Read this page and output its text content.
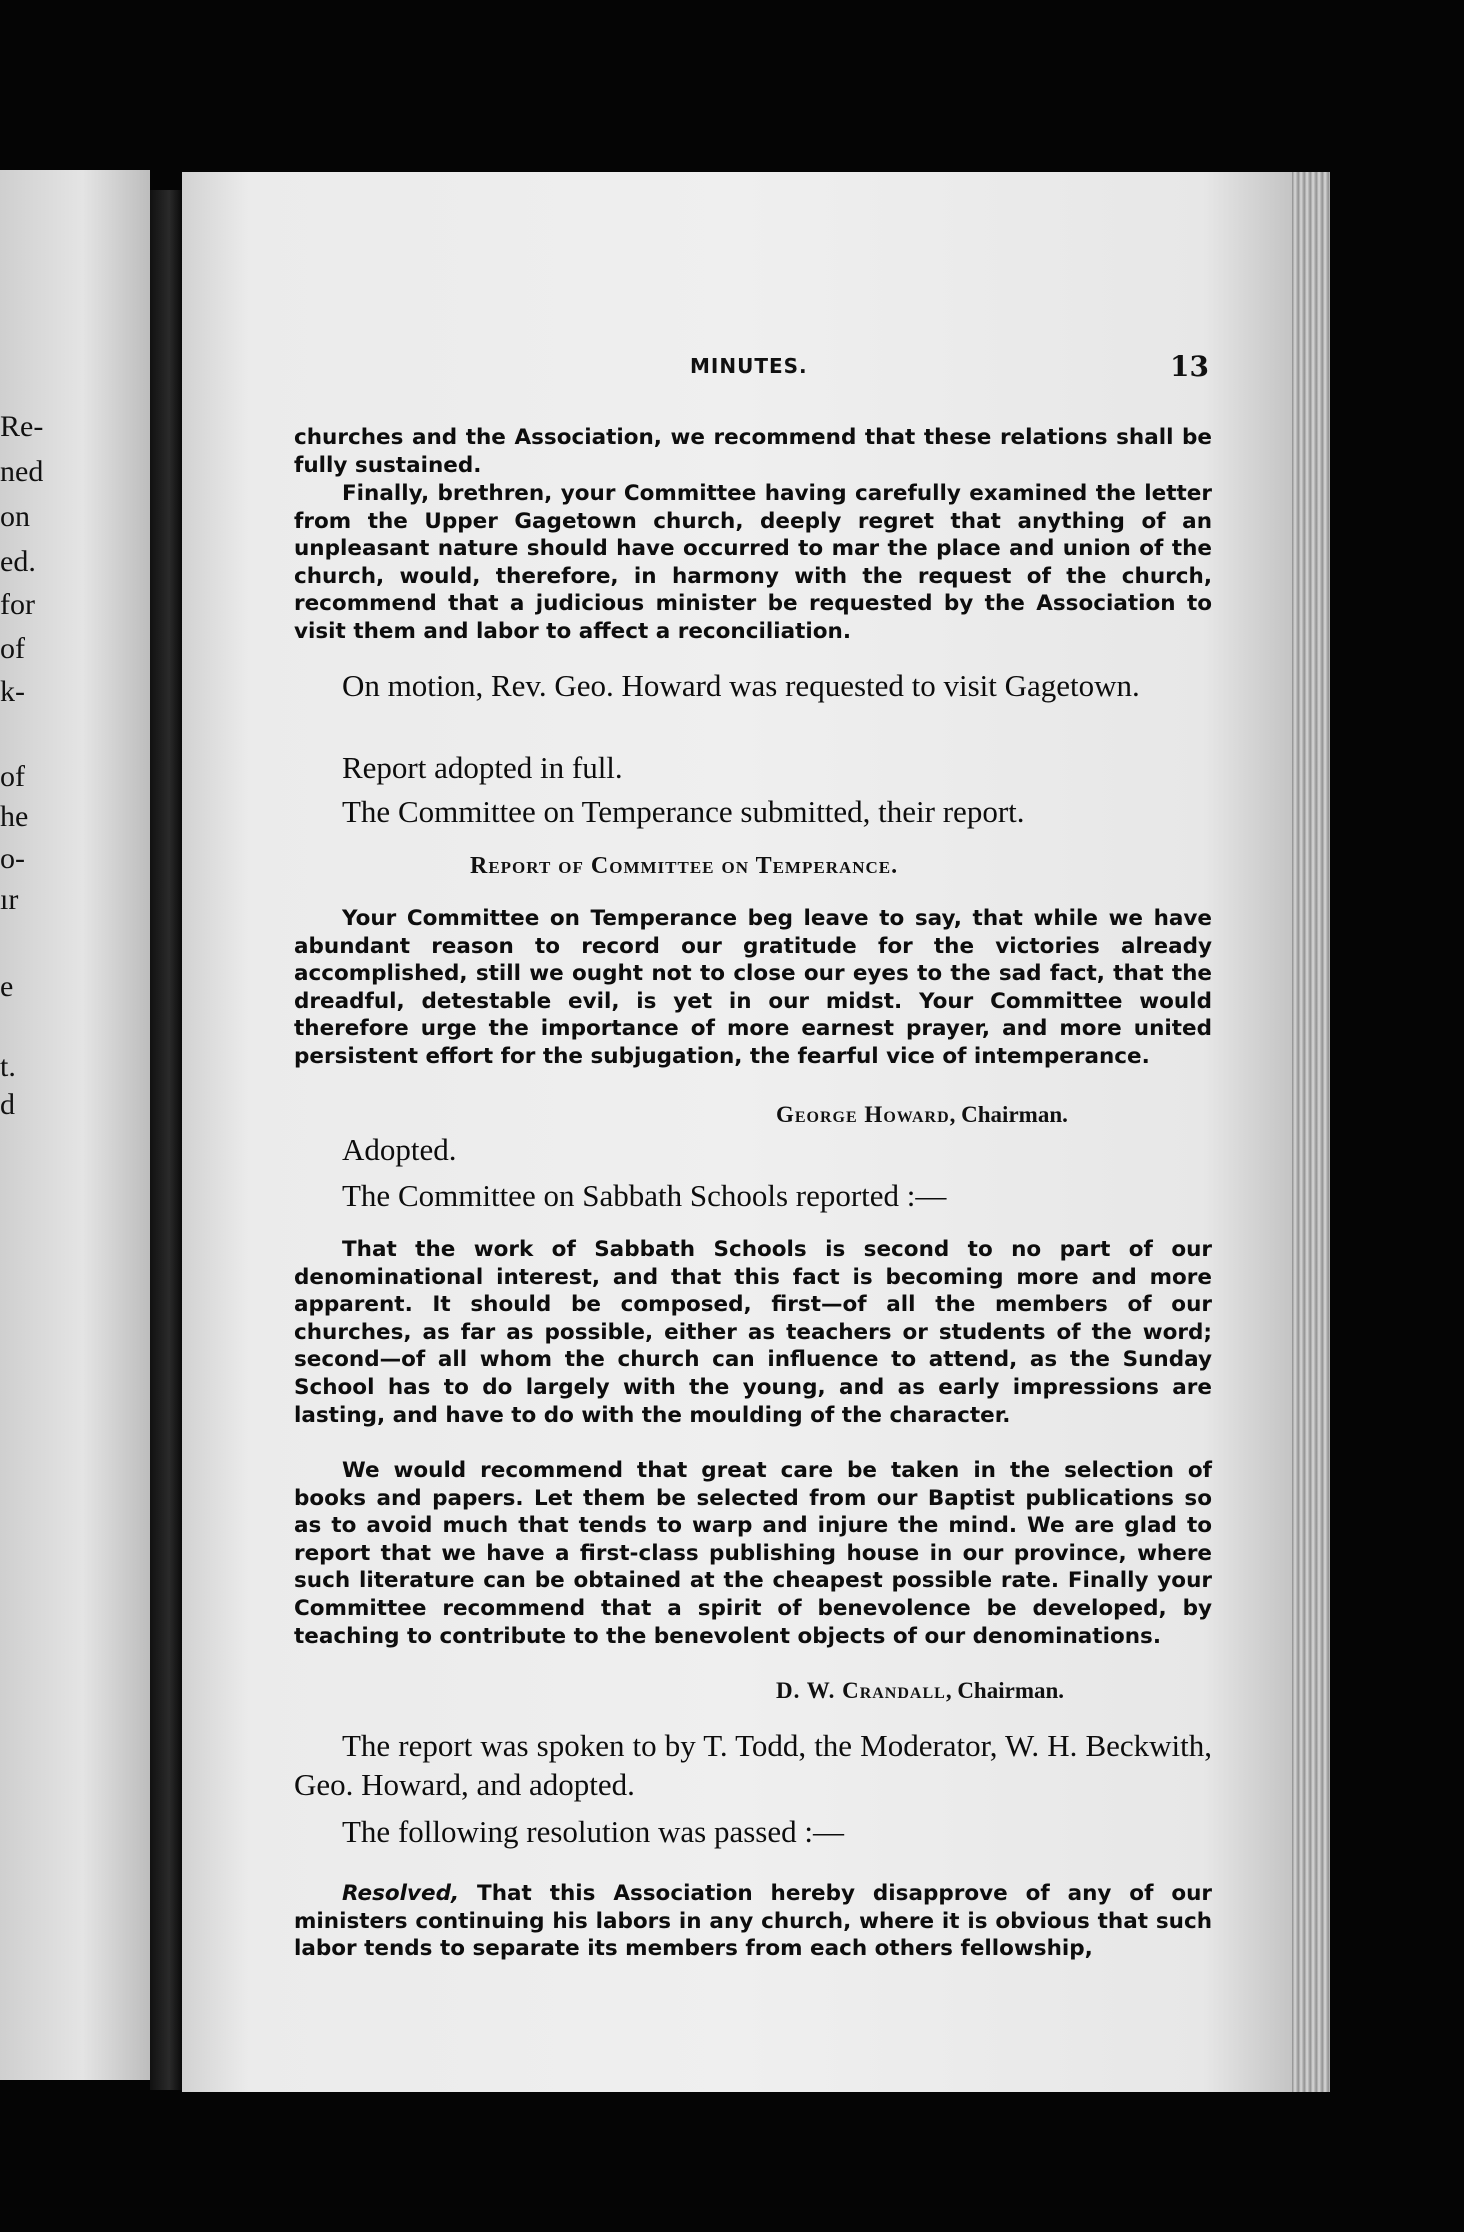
Re-
ned
on
ed.
for
of
k-
of
he
o-
ır
e
t.
d
MINUTES.	13
churches and the Association, we recommend that these relations shall be fully sustained.
Finally, brethren, your Committee having carefully examined the letter from the Upper Gagetown church, deeply regret that anything of an unpleasant nature should have occurred to mar the place and union of the church, would, therefore, in harmony with the request of the church, recommend that a judicious minister be requested by the Association to visit them and labor to affect a reconciliation.
On motion, Rev. Geo. Howard was requested to visit Gagetown.
Report adopted in full.
The Committee on Temperance submitted, their report.
Report of Committee on Temperance.
Your Committee on Temperance beg leave to say, that while we have abundant reason to record our gratitude for the victories already accomplished, still we ought not to close our eyes to the sad fact, that the dreadful, detestable evil, is yet in our midst. Your Committee would therefore urge the importance of more earnest prayer, and more united persistent effort for the subjugation, the fearful vice of intemperance.
George Howard, Chairman.
Adopted.
The Committee on Sabbath Schools reported :—
That the work of Sabbath Schools is second to no part of our denominational interest, and that this fact is becoming more and more apparent. It should be composed, first—of all the members of our churches, as far as possible, either as teachers or students of the word; second—of all whom the church can influence to attend, as the Sunday School has to do largely with the young, and as early impressions are lasting, and have to do with the moulding of the character.
We would recommend that great care be taken in the selection of books and papers. Let them be selected from our Baptist publications so as to avoid much that tends to warp and injure the mind. We are glad to report that we have a first-class publishing house in our province, where such literature can be obtained at the cheapest possible rate. Finally your Committee recommend that a spirit of benevolence be developed, by teaching to contribute to the benevolent objects of our denominations.
D. W. Crandall, Chairman.
The report was spoken to by T. Todd, the Moderator, W. H. Beckwith, Geo. Howard, and adopted.
The following resolution was passed :—
Resolved, That this Association hereby disapprove of any of our ministers continuing his labors in any church, where it is obvious that such labor tends to separate its members from each others fellowship,
